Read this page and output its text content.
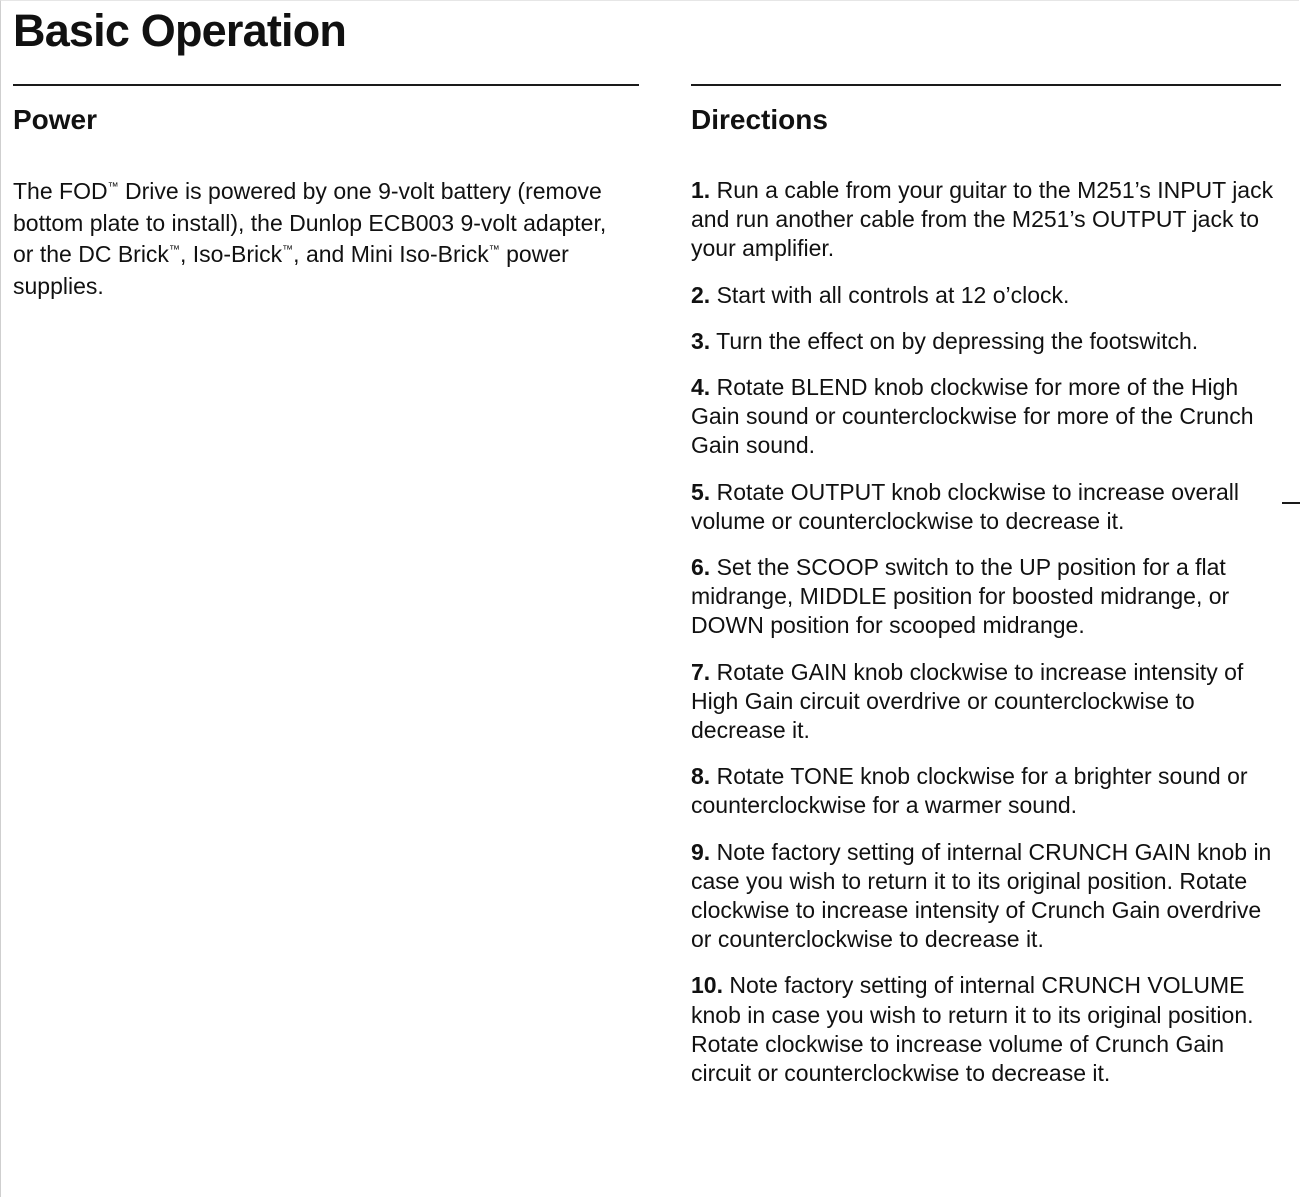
Basic Operation
Power

The FOD™ Drive is powered by one 9-volt battery (remove bottom plate to install), the Dunlop ECB003 9-volt adapter, or the DC Brick™, Iso-Brick™, and Mini Iso-Brick™ power supplies.

Directions
1. Run a cable from your guitar to the M251’s INPUT jack and run another cable from the M251’s OUTPUT jack to your amplifier.
2. Start with all controls at 12 o’clock.
3. Turn the effect on by depressing the footswitch.
4. Rotate BLEND knob clockwise for more of the High Gain sound or counterclockwise for more of the Crunch Gain sound.
5. Rotate OUTPUT knob clockwise to increase overall volume or counterclockwise to decrease it.
6. Set the SCOOP switch to the UP position for a flat midrange, MIDDLE position for boosted midrange, or DOWN position for scooped midrange.
7. Rotate GAIN knob clockwise to increase intensity of High Gain circuit overdrive or counterclockwise to decrease it.
8. Rotate TONE knob clockwise for a brighter sound or counterclockwise for a warmer sound.
9. Note factory setting of internal CRUNCH GAIN knob in case you wish to return it to its original position. Rotate clockwise to increase intensity of Crunch Gain overdrive or counterclockwise to decrease it.
10. Note factory setting of internal CRUNCH VOLUME knob in case you wish to return it to its original position. Rotate clockwise to increase volume of Crunch Gain circuit or counterclockwise to decrease it.
